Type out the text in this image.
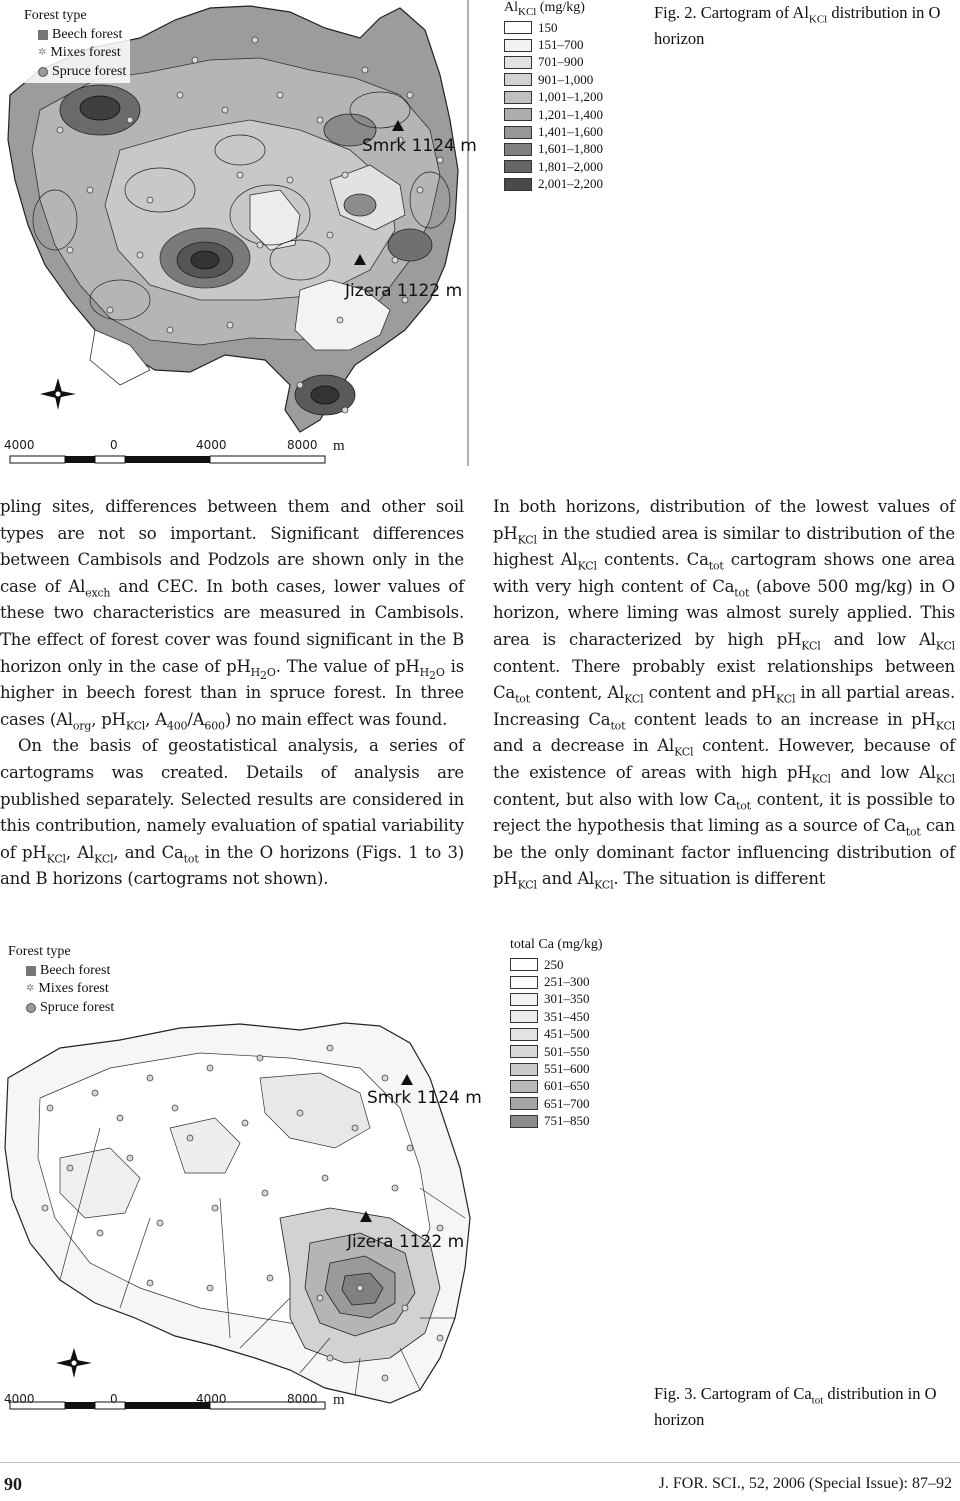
Smrk 1124 m
Jizera 1122 m
4000	0	4000	8000 m
Forest type
Beech forest
✲ Mixes forest
Spruce forest
$Al_{KCl}$ (mg/kg)
150
151–700
701–900
901–1,000
1,001–1,200
1,201–1,400
1,401–1,600
1,601–1,800
1,801–2,000
2,001–2,200
Fig. 2. Cartogram of $Al_{KCl}$ distribution in O horizon

pling sites, differences between them and other soil types are not so important. Significant differences between Cambisols and Podzols are shown only in the case of $Al_{exch}$ and CEC. In both cases, lower values of these two characteristics are measured in Cambisols. The effect of forest cover was found significant in the B horizon only in the case of $pH_{H_2O}$. The value of $pH_{H_2O}$ is higher in beech forest than in spruce forest. In three cases ($Al_{org}$, $pH_{KCl}$, $A_{400}/A_{600}$) no main effect was found.

On the basis of geostatistical analysis, a series of cartograms was created. Details of analysis are published separately. Selected results are considered in this contribution, namely evaluation of spatial variability of $pH_{KCl}$, $Al_{KCl}$, and $Ca_{tot}$ in the O horizons (Figs. 1 to 3) and B horizons (cartograms not shown).

In both horizons, distribution of the lowest values of $pH_{KCl}$ in the studied area is similar to distribution of the highest $Al_{KCl}$ contents. $Ca_{tot}$ cartogram shows one area with very high content of $Ca_{tot}$ (above 500 mg/kg) in O horizon, where liming was almost surely applied. This area is characterized by high $pH_{KCl}$ and low $Al_{KCl}$ content. There probably exist relationships between $Ca_{tot}$ content, $Al_{KCl}$ content and $pH_{KCl}$ in all partial areas. Increasing $Ca_{tot}$ content leads to an increase in $pH_{KCl}$ and a decrease in $Al_{KCl}$ content. However, because of the existence of areas with high $pH_{KCl}$ and low $Al_{KCl}$ content, but also with low $Ca_{tot}$ content, it is possible to reject the hypothesis that liming as a source of $Ca_{tot}$ can be the only dominant factor influencing distribution of $pH_{KCl}$ and $Al_{KCl}$. The situation is different

Smrk 1124 m
Jizera 1122 m
4000	0	4000	8000 m
Forest type
Beech forest
✲ Mixes forest
Spruce forest
total Ca (mg/kg)
250
251–300
301–350
351–450
451–500
501–550
551–600
601–650
651–700
751–850
Fig. 3. Cartogram of $Ca_{tot}$ distribution in O horizon
90	J. FOR. SCI., 52, 2006 (Special Issue): 87–92
